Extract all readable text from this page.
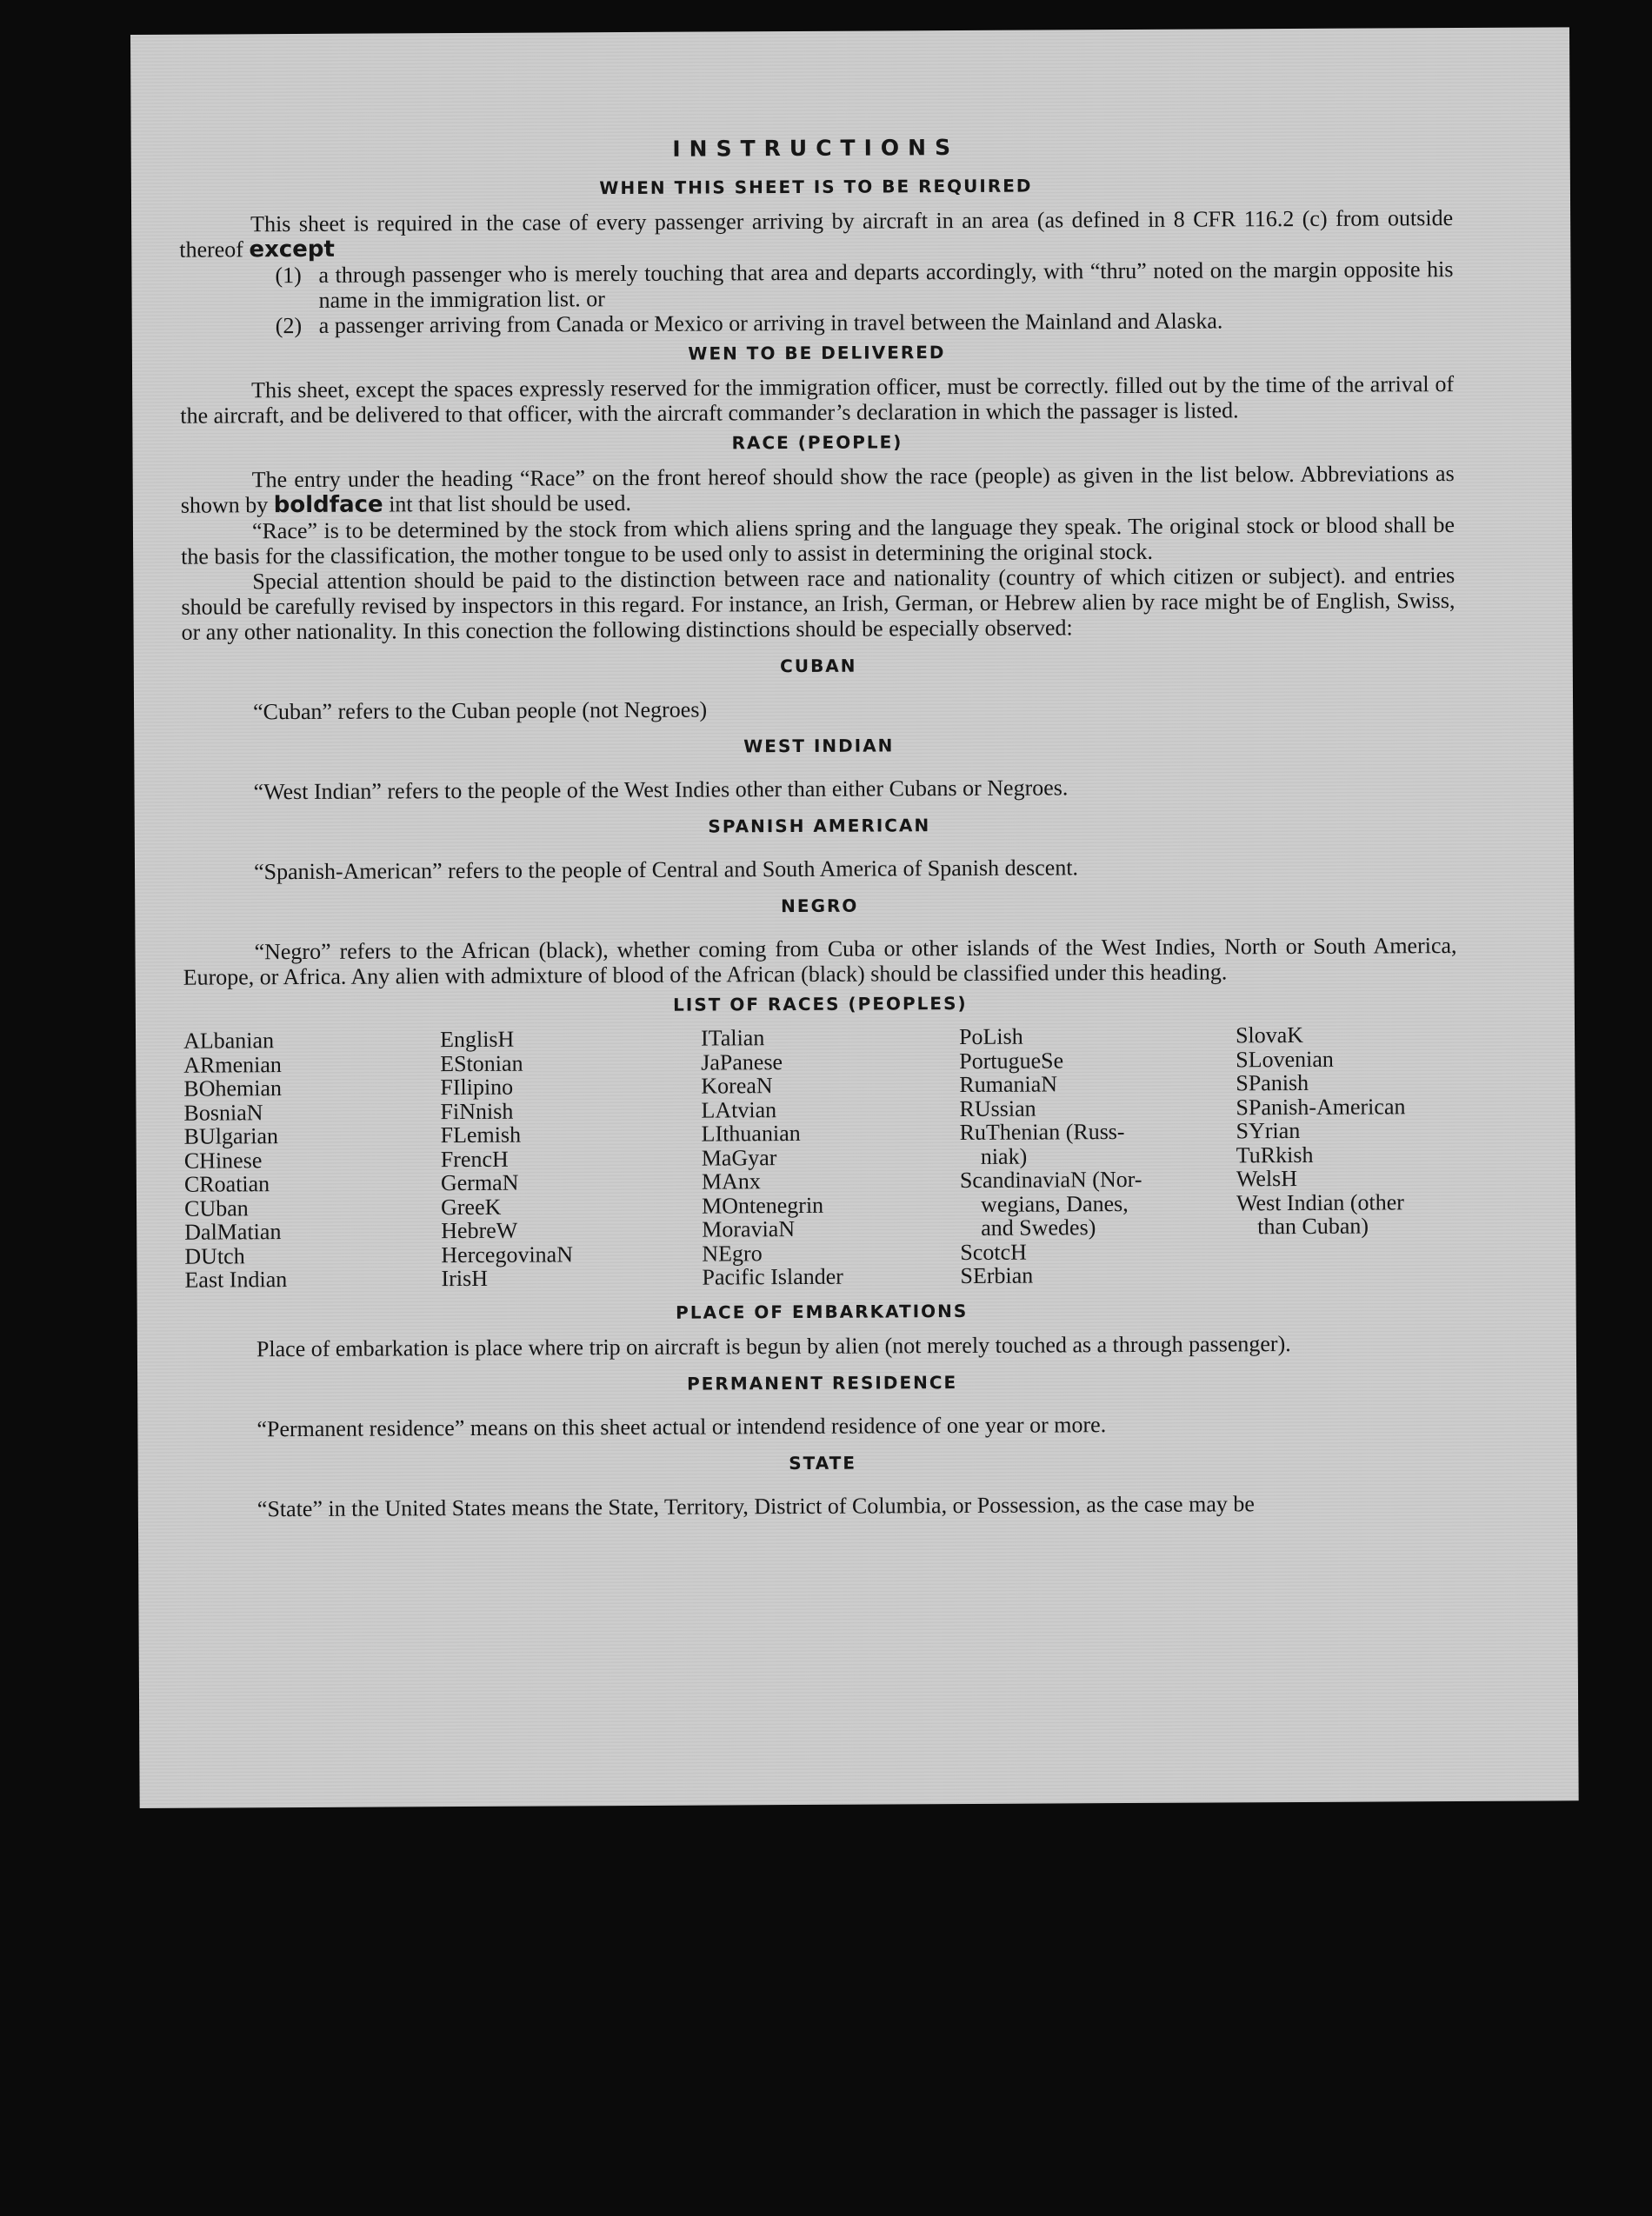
INSTRUCTIONS
WHEN THIS SHEET IS TO BE REQUIRED

This sheet is required in the case of every passenger arriving by aircraft in an area (as defined in 8 CFR 116.2 (c) from outside thereof except

(1) a through passenger who is merely touching that area and departs accordingly, with “thru” noted on the margin opposite his name in the immigration list. or
(2) a passenger arriving from Canada or Mexico or arriving in travel between the Mainland and Alaska.
WEN TO BE DELIVERED

This sheet, except the spaces expressly reserved for the immigration officer, must be correctly. filled out by the time of the arrival of the aircraft, and be delivered to that officer, with the aircraft commander’s declaration in which the passager is listed.

RACE (PEOPLE)

The entry under the heading “Race” on the front hereof should show the race (people) as given in the list below. Abbreviations as shown by boldface int that list should be used.

“Race” is to be determined by the stock from which aliens spring and the language they speak. The original stock or blood shall be the basis for the classification, the mother tongue to be used only to assist in determining the original stock.

Special attention should be paid to the distinction between race and nationality (country of which citizen or subject). and entries should be carefully revised by inspectors in this regard. For instance, an Irish, German, or Hebrew alien by race might be of English, Swiss, or any other nationality. In this conection the following distinctions should be especially observed:

CUBAN

“Cuban” refers to the Cuban people (not Negroes)

WEST INDIAN

“West Indian” refers to the people of the West Indies other than either Cubans or Negroes.

SPANISH AMERICAN

“Spanish-American” refers to the people of Central and South America of Spanish descent.

NEGRO

“Negro” refers to the African (black), whether coming from Cuba or other islands of the West Indies, North or South America, Europe, or Africa. Any alien with admixture of blood of the African (black) should be classified under this heading.

LIST OF RACES (PEOPLES)
ALbanian
ARmenian
BOhemian
BosniaN
BUlgarian
CHinese
CRoatian
CUban
DalMatian
DUtch
East Indian
EnglisH
EStonian
FIlipino
FiNnish
FLemish
FrencH
GermaN
GreeK
HebreW
HercegovinaN
IrisH
ITalian
JaPanese
KoreaN
LAtvian
LIthuanian
MaGyar
MAnx
MOntenegrin
MoraviaN
NEgro
Pacific Islander
PoLish
PortugueSe
RumaniaN
RUssian
RuThenian (Russ-
niak)
ScandinaviaN (Nor-
wegians, Danes,
and Swedes)
ScotcH
SErbian
SlovaK
SLovenian
SPanish
SPanish-American
SYrian
TuRkish
WelsH
West Indian (other
than Cuban)
PLACE OF EMBARKATIONS

Place of embarkation is place where trip on aircraft is begun by alien (not merely touched as a through passenger).

PERMANENT RESIDENCE

“Permanent residence” means on this sheet actual or intendend residence of one year or more.

STATE

“State” in the United States means the State, Territory, District of Columbia, or Possession, as the case may be
